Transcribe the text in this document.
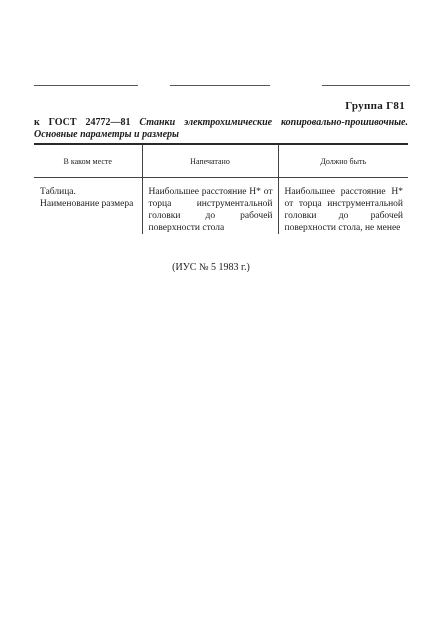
Группа Г81
к ГОСТ 24772—81 Станки электрохимические копировально-прошивочные. Основные параметры и размеры
В каком месте	Напечатано	Должно быть
Таблица. Наименование размера	Наибольшее расстояние H* от торца инструментальной головки до рабочей поверхности стола	Наибольшее расстояние H* от торца инструментальной головки до рабочей поверхности стола, не менее
(ИУС № 5 1983 г.)
